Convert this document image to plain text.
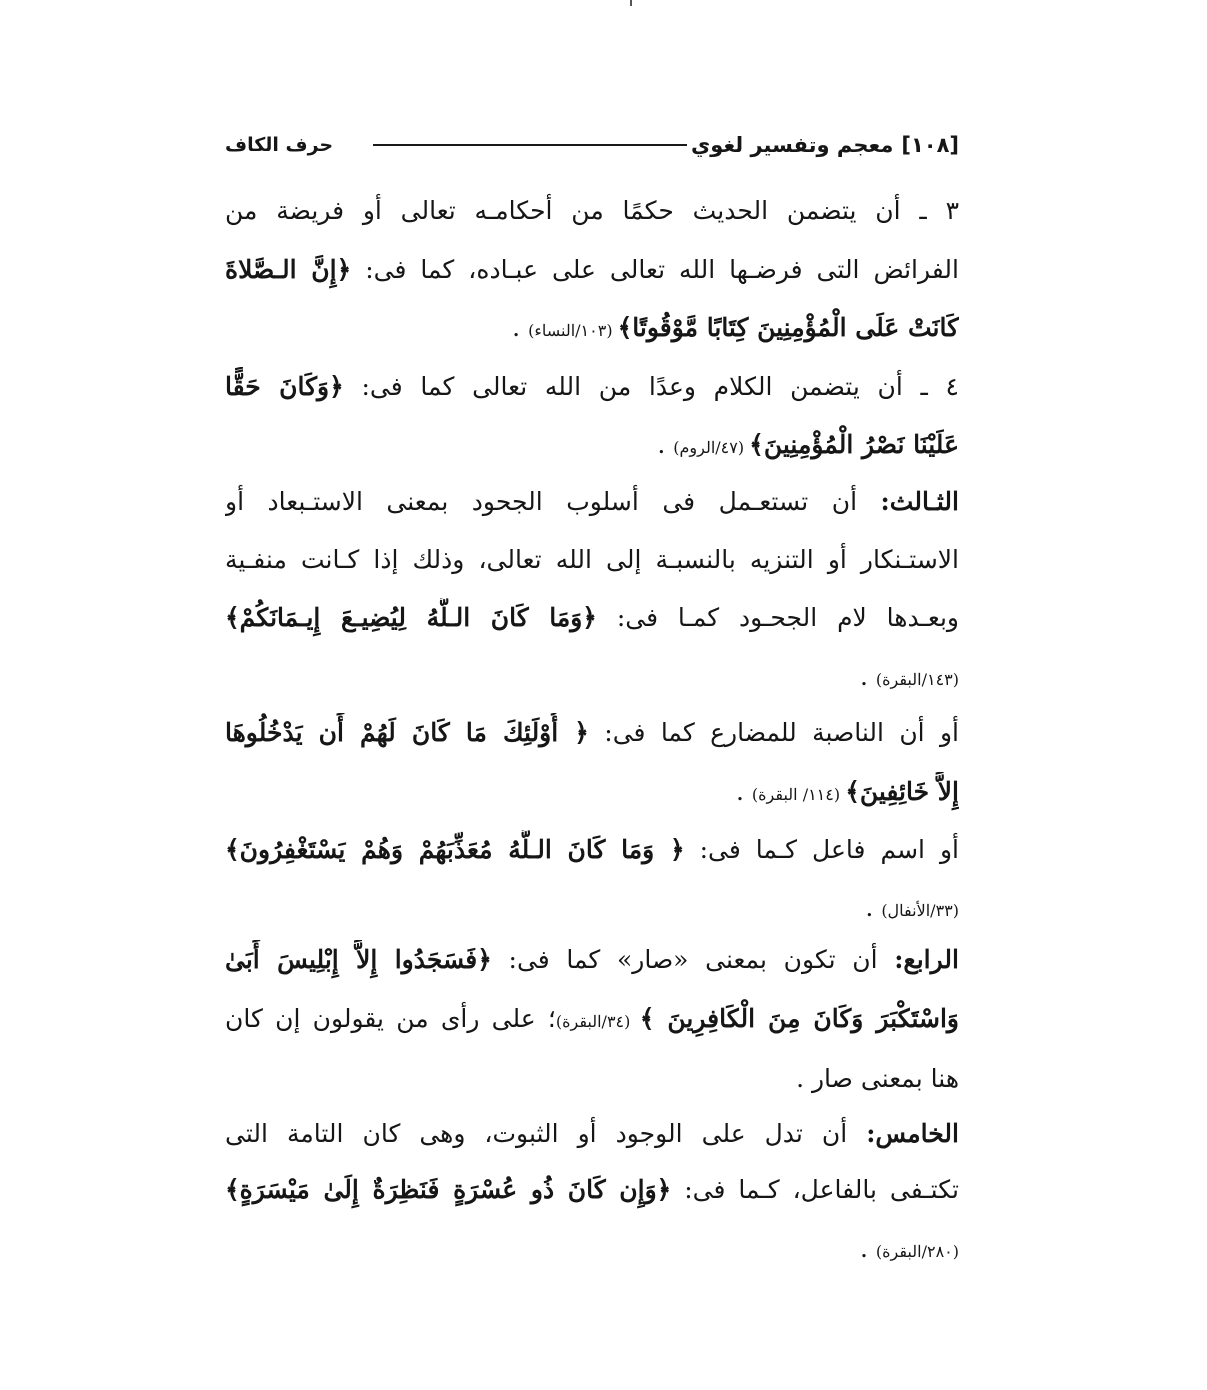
[١٠٨]
معجم وتفسير لغوي
حرف الكاف
٣ ـ أن يتضمن الحديث حكمًا من أحكامـه تعالى أو فريضة من
الفرائض التى فرضـها الله تعالى على عبـاده، كما فى: ﴿إِنَّ الـصَّلاةَ
كَانَتْ عَلَى الْمُؤْمِنِينَ كِتَابًا مَّوْقُوتًا﴾ (١٠٣/النساء) .
٤ ـ أن يتضمن الكلام وعدًا من الله تعالى كما فى: ﴿وَكَانَ حَقًّا
عَلَيْنَا نَصْرُ الْمُؤْمِنِينَ﴾ (٤٧/الروم) .
الثـالث: أن تستعـمل فى أسلوب الجحود بمعنى الاستـبعاد أو
الاستـنكار أو التنزيه بالنسبـة إلى الله تعالى، وذلك إذا كـانت منفـية
وبعـدها لام الجحـود كمـا فى: ﴿وَمَا كَانَ الـلَّهُ لِيُضِيـعَ إِيـمَانَكُمْ﴾
(١٤٣/البقرة) .
أو أن الناصبة للمضارع كما فى: ﴿ أُوْلَئِكَ مَا كَانَ لَهُمْ أَن يَدْخُلُوهَا
إِلاَّ خَائِفِينَ﴾ (١١٤/ البقرة) .
أو اسم فاعل كـما فى: ﴿ وَمَا كَانَ الـلَّهُ مُعَذِّبَهُمْ وَهُمْ يَسْتَغْفِرُونَ﴾
(٣٣/الأنفال) .
الرابع: أن تكون بمعنى «صار» كما فى: ﴿فَسَجَدُوا إِلاَّ إِبْلِيسَ أَبَىٰ
وَاسْتَكْبَرَ وَكَانَ مِنَ الْكَافِرِينَ ﴾ (٣٤/البقرة)؛ على رأى من يقولون إن كان
هنا بمعنى صار .
الخامس: أن تدل على الوجود أو الثبوت، وهى كان التامة التى
تكتـفى بالفاعل، كـما فى: ﴿وَإِن كَانَ ذُو عُسْرَةٍ فَنَظِرَةٌ إِلَىٰ مَيْسَرَةٍ﴾
(٢٨٠/البقرة) .
